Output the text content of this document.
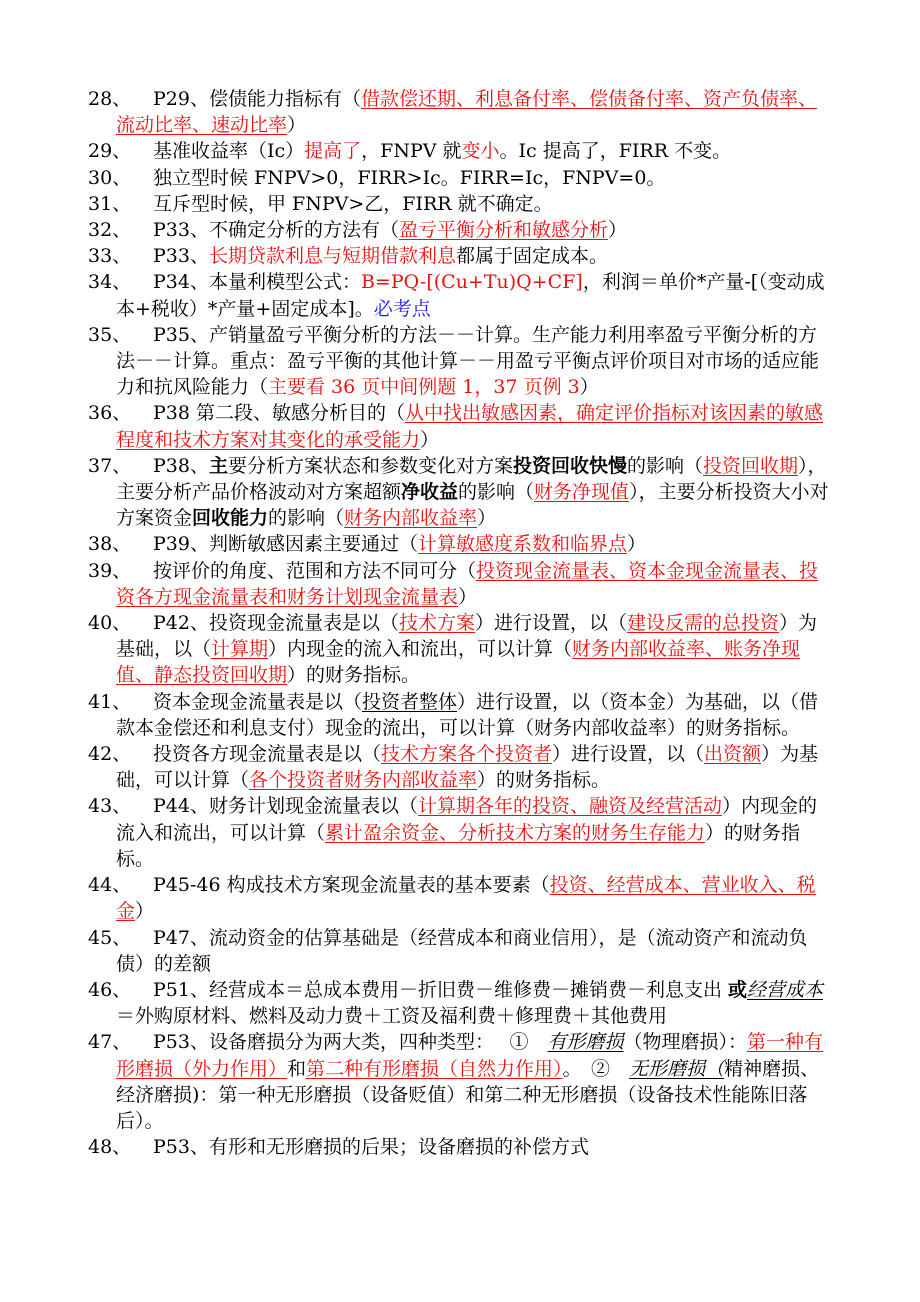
28、	P29、偿债能力指标有（借款偿还期、利息备付率、偿债备付率、资产负债率、流动比率、速动比率）

29、	基准收益率（Ic）提高了，FNPV 就变小。Ic 提高了，FIRR 不变。

30、	独立型时候 FNPV>0，FIRR>Ic。FIRR=Ic，FNPV=0。

31、	互斥型时候，甲 FNPV>乙，FIRR 就不确定。

32、	P33、不确定分析的方法有（盈亏平衡分析和敏感分析）

33、	P33、长期贷款利息与短期借款利息都属于固定成本。

34、	P34、本量利模型公式：B=PQ-[(Cu+Tu)Q+CF]，利润＝单价*产量-[（变动成本+税收）*产量+固定成本]。必考点

35、	P35、产销量盈亏平衡分析的方法－－计算。生产能力利用率盈亏平衡分析的方法－－计算。重点：盈亏平衡的其他计算－－用盈亏平衡点评价项目对市场的适应能力和抗风险能力（主要看 36 页中间例题 1，37 页例 3）

36、	P38 第二段、敏感分析目的（从中找出敏感因素，确定评价指标对该因素的敏感程度和技术方案对其变化的承受能力）

37、	P38、主要分析方案状态和参数变化对方案投资回收快慢的影响（投资回收期），主要分析产品价格波动对方案超额净收益的影响（财务净现值），主要分析投资大小对方案资金回收能力的影响（财务内部收益率）

38、	P39、判断敏感因素主要通过（计算敏感度系数和临界点）

39、	按评价的角度、范围和方法不同可分（投资现金流量表、资本金现金流量表、投资各方现金流量表和财务计划现金流量表）

40、	P42、投资现金流量表是以（技术方案）进行设置，以（建设反需的总投资）为基础，以（计算期）内现金的流入和流出，可以计算（财务内部收益率、账务净现值、静态投资回收期）的财务指标。

41、	资本金现金流量表是以（投资者整体）进行设置，以（资本金）为基础，以（借款本金偿还和利息支付）现金的流出，可以计算（财务内部收益率）的财务指标。

42、	投资各方现金流量表是以（技术方案各个投资者）进行设置，以（出资额）为基础，可以计算（各个投资者财务内部收益率）的财务指标。

43、	P44、财务计划现金流量表以（计算期各年的投资、融资及经营活动）内现金的流入和流出，可以计算（累计盈余资金、分析技术方案的财务生存能力）的财务指标。

44、	P45-46 构成技术方案现金流量表的基本要素（投资、经营成本、营业收入、税金）

45、	P47、流动资金的估算基础是（经营成本和商业信用），是（流动资产和流动负债）的差额

46、	P51、经营成本＝总成本费用－折旧费－维修费－摊销费－利息支出 或经营成本＝外购原材料、燃料及动力费＋工资及福利费＋修理费＋其他费用

47、	P53、设备磨损分为两大类，四种类型：　 ①　有形磨损（物理磨损）：第一种有形磨损（外力作用）和第二种有形磨损（自然力作用）。　②　无形磨损（精神磨损、经济磨损)：第一种无形磨损（设备贬值）和第二种无形磨损（设备技术性能陈旧落后）。

48、	P53、有形和无形磨损的后果；设备磨损的补偿方式
